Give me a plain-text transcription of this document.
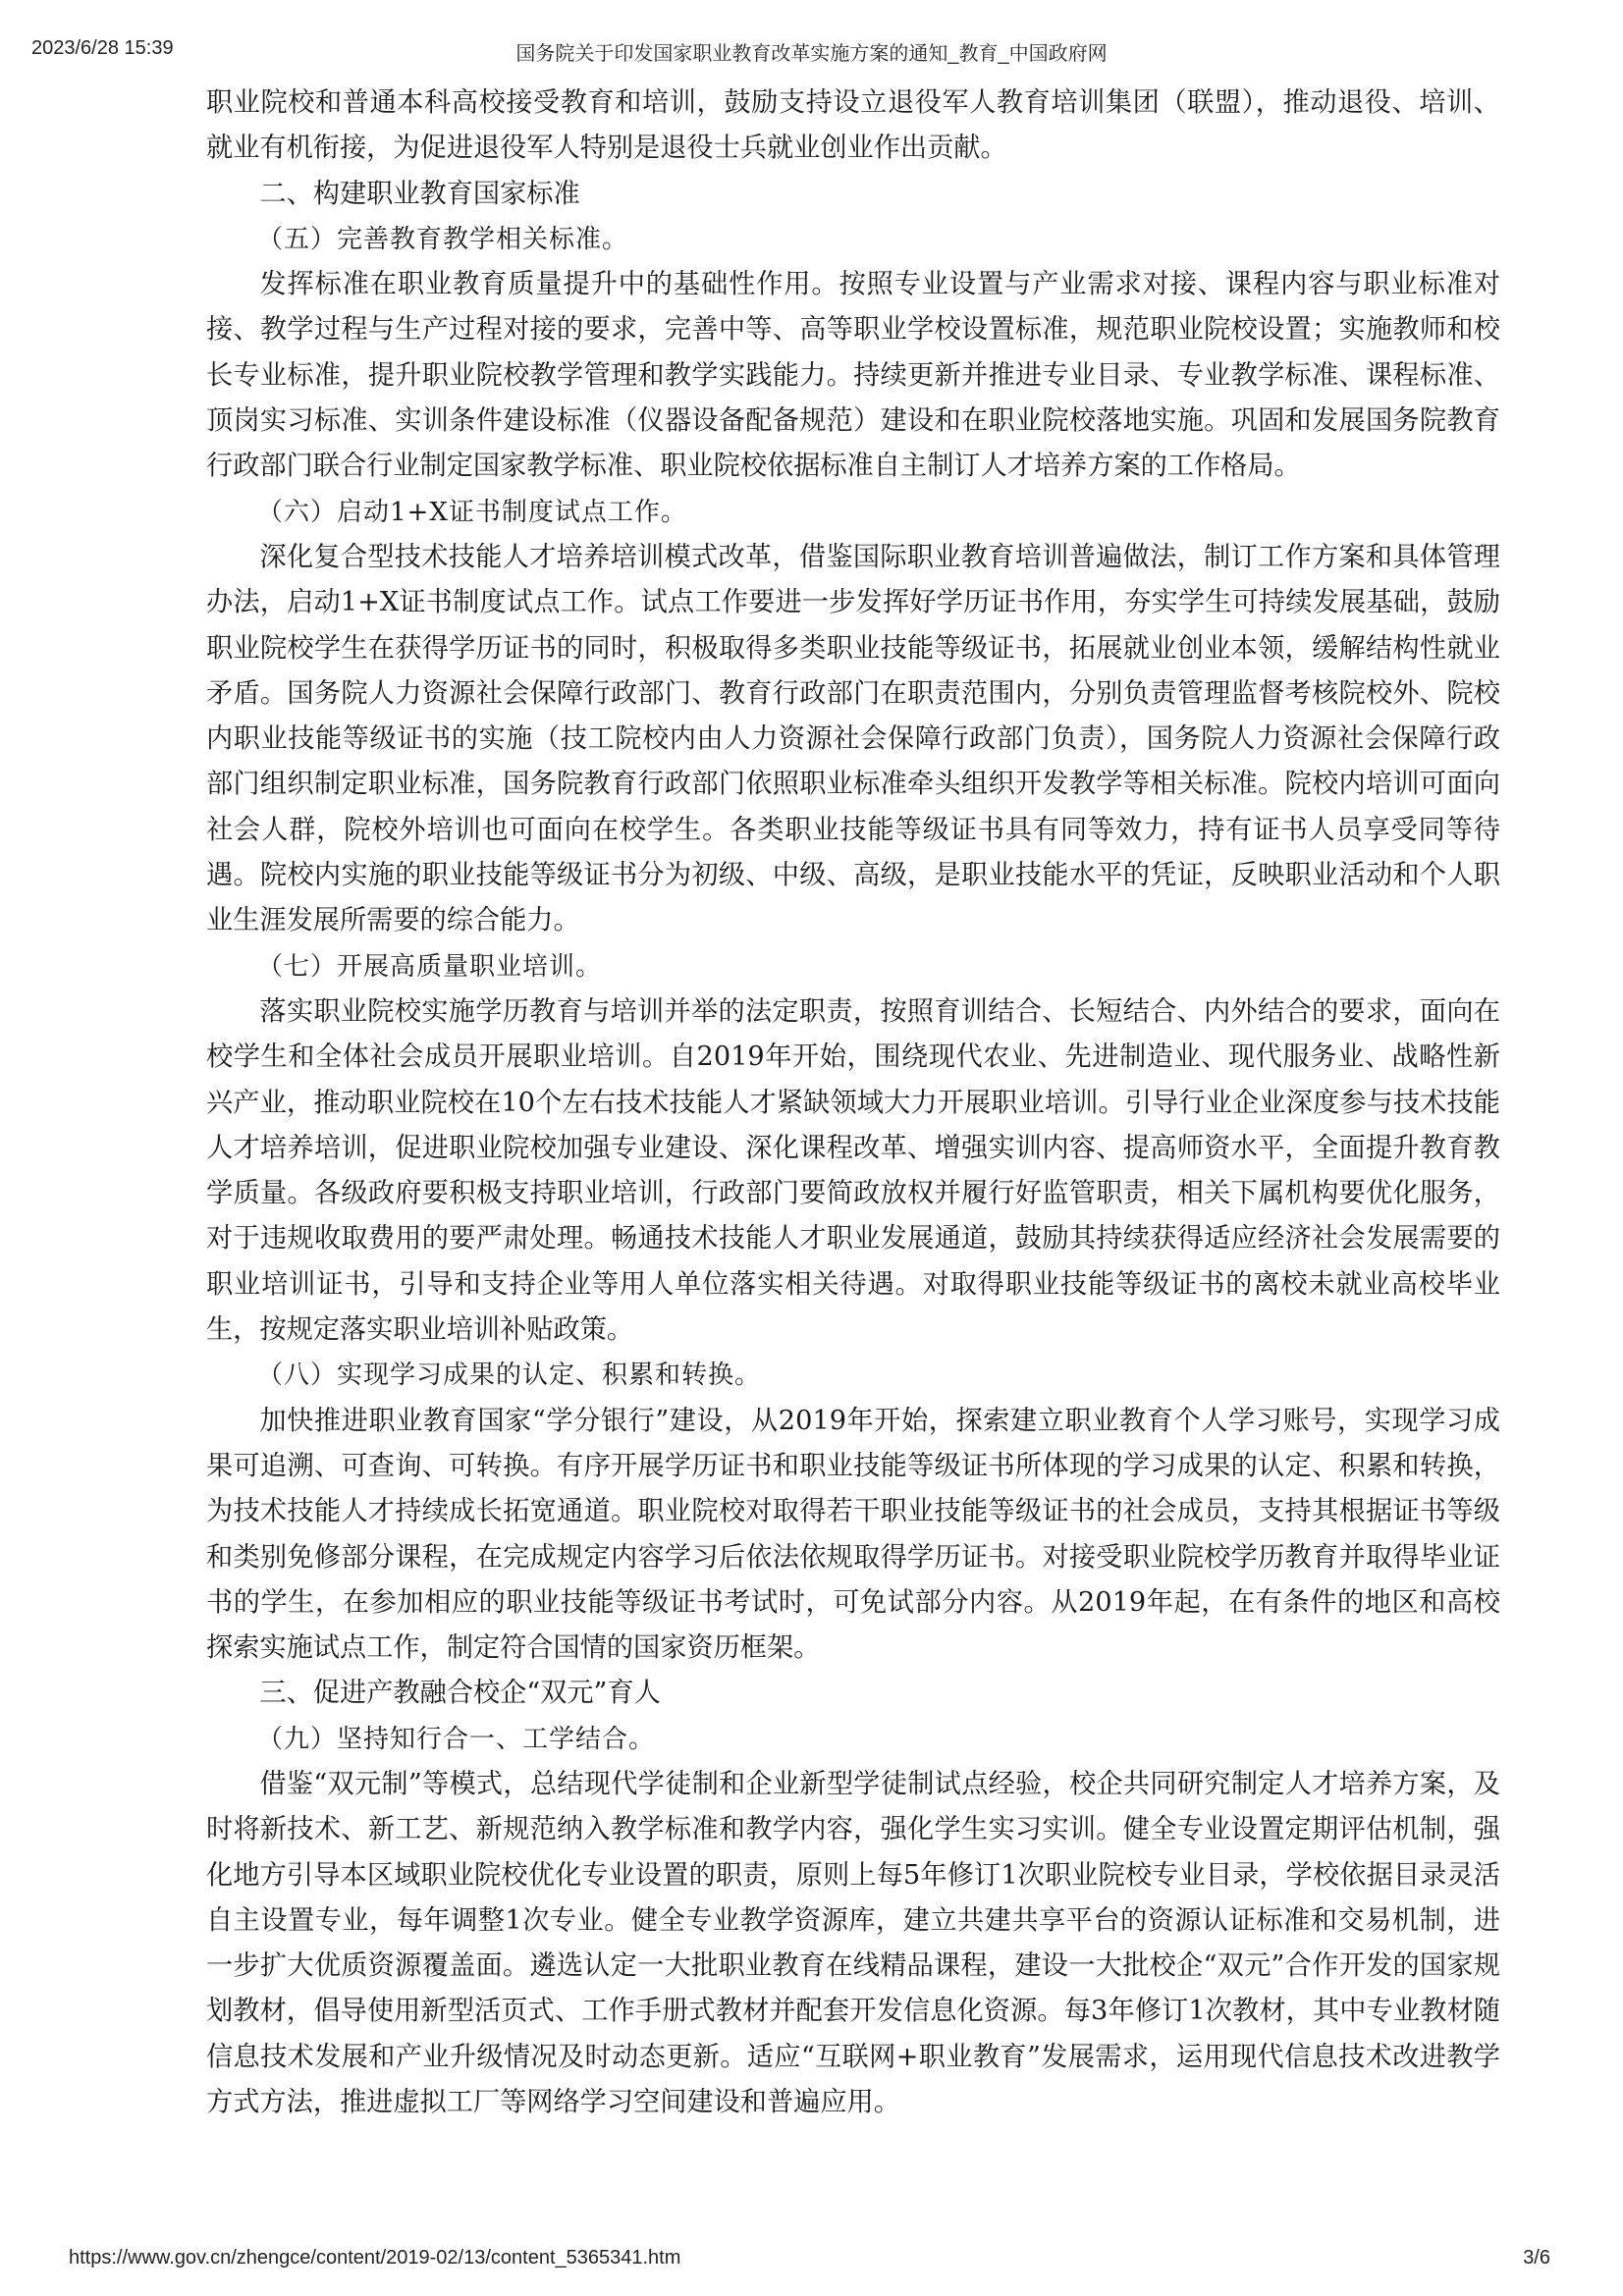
2023/6/28 15:39	国务院关于印发国家职业教育改革实施方案的通知_教育_中国政府网

职业院校和普通本科高校接受教育和培训，鼓励支持设立退役军人教育培训集团（联盟），推动退役、培训、就业有机衔接，为促进退役军人特别是退役士兵就业创业作出贡献。

二、构建职业教育国家标准

（五）完善教育教学相关标准。

发挥标准在职业教育质量提升中的基础性作用。按照专业设置与产业需求对接、课程内容与职业标准对接、教学过程与生产过程对接的要求，完善中等、高等职业学校设置标准，规范职业院校设置；实施教师和校长专业标准，提升职业院校教学管理和教学实践能力。持续更新并推进专业目录、专业教学标准、课程标准、顶岗实习标准、实训条件建设标准（仪器设备配备规范）建设和在职业院校落地实施。巩固和发展国务院教育行政部门联合行业制定国家教学标准、职业院校依据标准自主制订人才培养方案的工作格局。

（六）启动1+X证书制度试点工作。

深化复合型技术技能人才培养培训模式改革，借鉴国际职业教育培训普遍做法，制订工作方案和具体管理办法，启动1+X证书制度试点工作。试点工作要进一步发挥好学历证书作用，夯实学生可持续发展基础，鼓励职业院校学生在获得学历证书的同时，积极取得多类职业技能等级证书，拓展就业创业本领，缓解结构性就业矛盾。国务院人力资源社会保障行政部门、教育行政部门在职责范围内，分别负责管理监督考核院校外、院校内职业技能等级证书的实施（技工院校内由人力资源社会保障行政部门负责），国务院人力资源社会保障行政部门组织制定职业标准，国务院教育行政部门依照职业标准牵头组织开发教学等相关标准。院校内培训可面向社会人群，院校外培训也可面向在校学生。各类职业技能等级证书具有同等效力，持有证书人员享受同等待遇。院校内实施的职业技能等级证书分为初级、中级、高级，是职业技能水平的凭证，反映职业活动和个人职业生涯发展所需要的综合能力。

（七）开展高质量职业培训。

落实职业院校实施学历教育与培训并举的法定职责，按照育训结合、长短结合、内外结合的要求，面向在校学生和全体社会成员开展职业培训。自2019年开始，围绕现代农业、先进制造业、现代服务业、战略性新兴产业，推动职业院校在10个左右技术技能人才紧缺领域大力开展职业培训。引导行业企业深度参与技术技能人才培养培训，促进职业院校加强专业建设、深化课程改革、增强实训内容、提高师资水平，全面提升教育教学质量。各级政府要积极支持职业培训，行政部门要简政放权并履行好监管职责，相关下属机构要优化服务，对于违规收取费用的要严肃处理。畅通技术技能人才职业发展通道，鼓励其持续获得适应经济社会发展需要的职业培训证书，引导和支持企业等用人单位落实相关待遇。对取得职业技能等级证书的离校未就业高校毕业生，按规定落实职业培训补贴政策。

（八）实现学习成果的认定、积累和转换。

加快推进职业教育国家“学分银行”建设，从2019年开始，探索建立职业教育个人学习账号，实现学习成果可追溯、可查询、可转换。有序开展学历证书和职业技能等级证书所体现的学习成果的认定、积累和转换，为技术技能人才持续成长拓宽通道。职业院校对取得若干职业技能等级证书的社会成员，支持其根据证书等级和类别免修部分课程，在完成规定内容学习后依法依规取得学历证书。对接受职业院校学历教育并取得毕业证书的学生，在参加相应的职业技能等级证书考试时，可免试部分内容。从2019年起，在有条件的地区和高校探索实施试点工作，制定符合国情的国家资历框架。

三、促进产教融合校企“双元”育人

（九）坚持知行合一、工学结合。

借鉴“双元制”等模式，总结现代学徒制和企业新型学徒制试点经验，校企共同研究制定人才培养方案，及时将新技术、新工艺、新规范纳入教学标准和教学内容，强化学生实习实训。健全专业设置定期评估机制，强化地方引导本区域职业院校优化专业设置的职责，原则上每5年修订1次职业院校专业目录，学校依据目录灵活自主设置专业，每年调整1次专业。健全专业教学资源库，建立共建共享平台的资源认证标准和交易机制，进一步扩大优质资源覆盖面。遴选认定一大批职业教育在线精品课程，建设一大批校企“双元”合作开发的国家规划教材，倡导使用新型活页式、工作手册式教材并配套开发信息化资源。每3年修订1次教材，其中专业教材随信息技术发展和产业升级情况及时动态更新。适应“互联网+职业教育”发展需求，运用现代信息技术改进教学方式方法，推进虚拟工厂等网络学习空间建设和普遍应用。

https://www.gov.cn/zhengce/content/2019-02/13/content_5365341.htm	3/6
